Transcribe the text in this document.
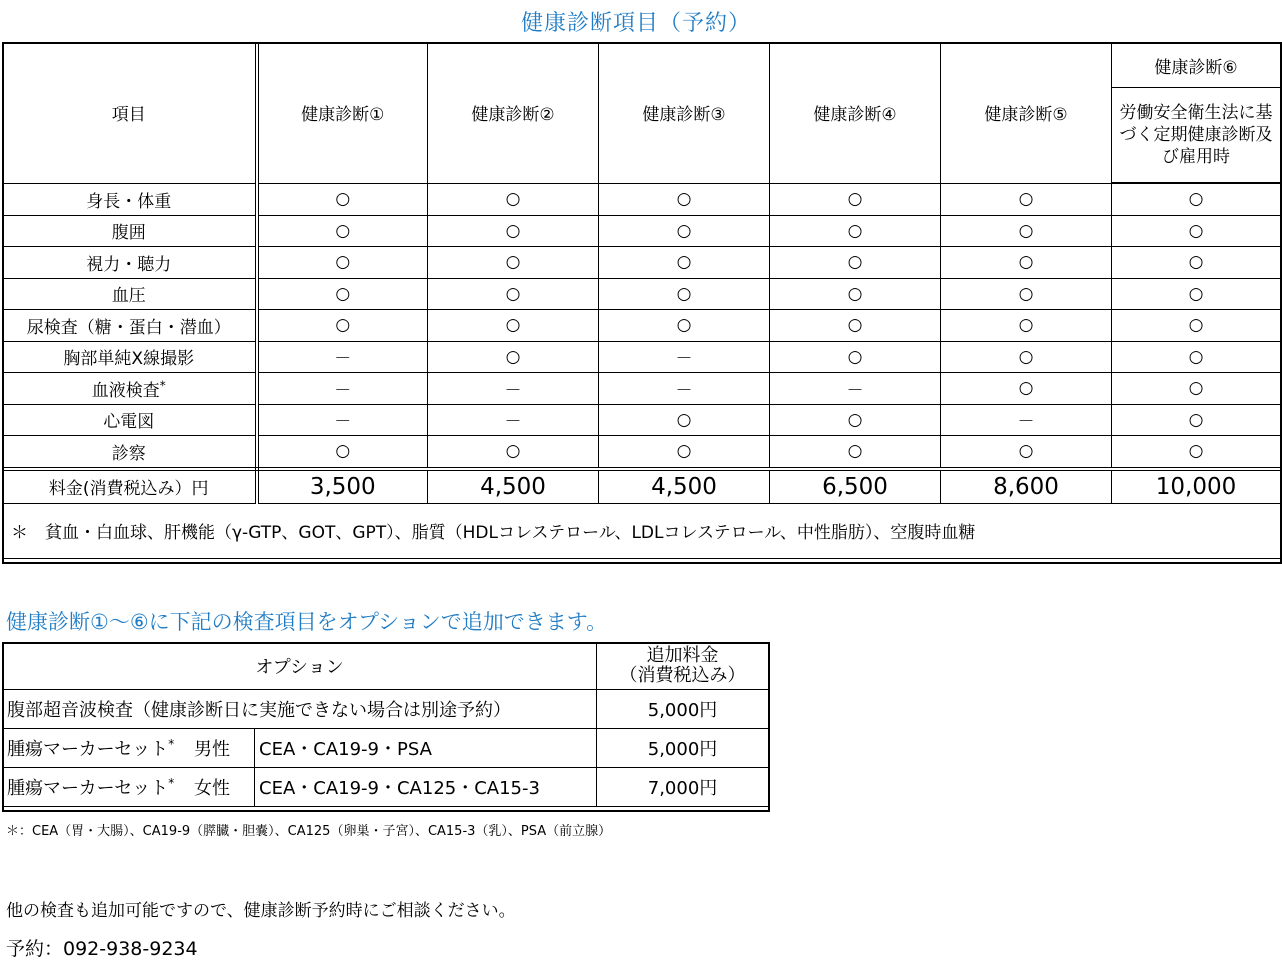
健康診断項目（予約）
項目	健康診断①	健康診断②	健康診断③	健康診断④	健康診断⑤	健康診断⑥
						労働安全衛生法に基づく定期健康診断及び雇用時
身長・体重	○	○	○	○	○	○
腹囲	○	○	○	○	○	○
視力・聴力	○	○	○	○	○	○
血圧	○	○	○	○	○	○
尿検査（糖・蛋白・潜血）	○	○	○	○	○	○
胸部単純X線撮影	－	○	－	○	○	○
血液検査*	－	－	－	－	○	○
心電図	－	－	○	○	－	○
診察	○	○	○	○	○	○
料金(消費税込み）円	3,500	4,500	4,500	6,500	8,600	10,000
＊　貧血・白血球、肝機能（γ-GTP、GOT、GPT）、脂質（HDLコレステロール、LDLコレステロール、中性脂肪）、空腹時血糖						
健康診断①～⑥に下記の検査項目をオプションで追加できます。
オプション		追加料金
（消費税込み）

腹部超音波検査（健康診断日に実施できない場合は別途予約）		5,000円
腫瘍マーカーセット* 男性	CEA・CA19-9・PSA	5,000円
腫瘍マーカーセット* 女性	CEA・CA19-9・CA125・CA15-3	7,000円
＊：CEA（胃・大腸）、CA19-9（膵臓・胆嚢）、CA125（卵巣・子宮）、CA15-3（乳）、PSA（前立腺）
他の検査も追加可能ですので、健康診断予約時にご相談ください。
予約：092-938-9234
